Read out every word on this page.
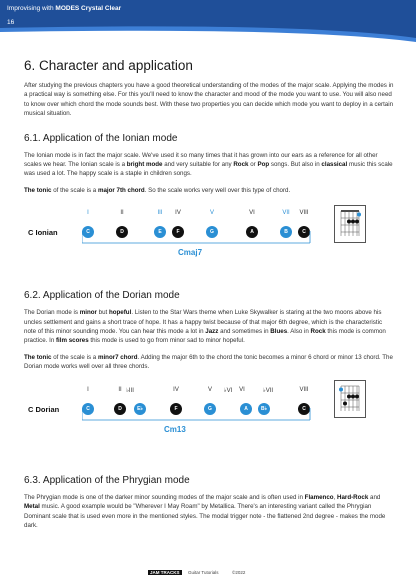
Improvising with MODES Crystal Clear
16
6. Character and application

After studying the previous chapters you have a good theoretical understanding of the modes of the major scale. Applying the modes in a practical way is something else. For this you'll need to know the character and mood of the mode you want to use. You will also need to know over which chord the mode sounds best. With these two properties you can decide which mode you want to deploy in a certain musical situation.

6.1. Application of the Ionian mode

The Ionian mode is in fact the major scale. We've used it so many times that it has grown into our ears as a reference for all other scales we hear. The Ionian scale is a bright mode and very suitable for any Rock or Pop songs. But also in classical music this scale was used a lot. The happy scale is a staple in children songs.

The tonic of the scale is a major 7th chord. So the scale works very well over this type of chord.

C Ionian
I	II	III	IV	V	VI	VII	VIII
C	D	E	F	G	A	B	C
Cmaj7
6.2. Application of the Dorian mode

The Dorian mode is minor but hopeful. Listen to the Star Wars theme when Luke Skywalker is staring at the two moons above his uncles settlement and gains a short trace of hope. It has a happy twist because of that major 6th degree, which is the characteristic note of this minor sounding mode. You can hear this mode a lot in Jazz and sometimes in Blues. Also in Rock this mode is common practice. In film scores this mode is used to go from minor sad to minor hopeful.

The tonic of the scale is a minor7 chord. Adding the major 6th to the chord the tonic becomes a minor 6 chord or minor 13 chord. The Dorian mode works well over all three chords.

C Dorian
I	II ♭III	IV	V	♭VI	VI	♭VII	VIII
C	D	E♭	F	G	A	B♭	C
Cm13
6.3. Application of the Phrygian mode

The Phrygian mode is one of the darker minor sounding modes of the major scale and is often used in Flamenco, Hard-Rock and Metal music. A good example would be "Wherever I May Roam" by Metallica. There's an interesting variant called the Phrygian Dominant scale that is used even more in the mentioned styles. The modal trigger note - the flattened 2nd degree - makes the mode dark.

JAM TRACKS	Guitar Tutorials	©2022
